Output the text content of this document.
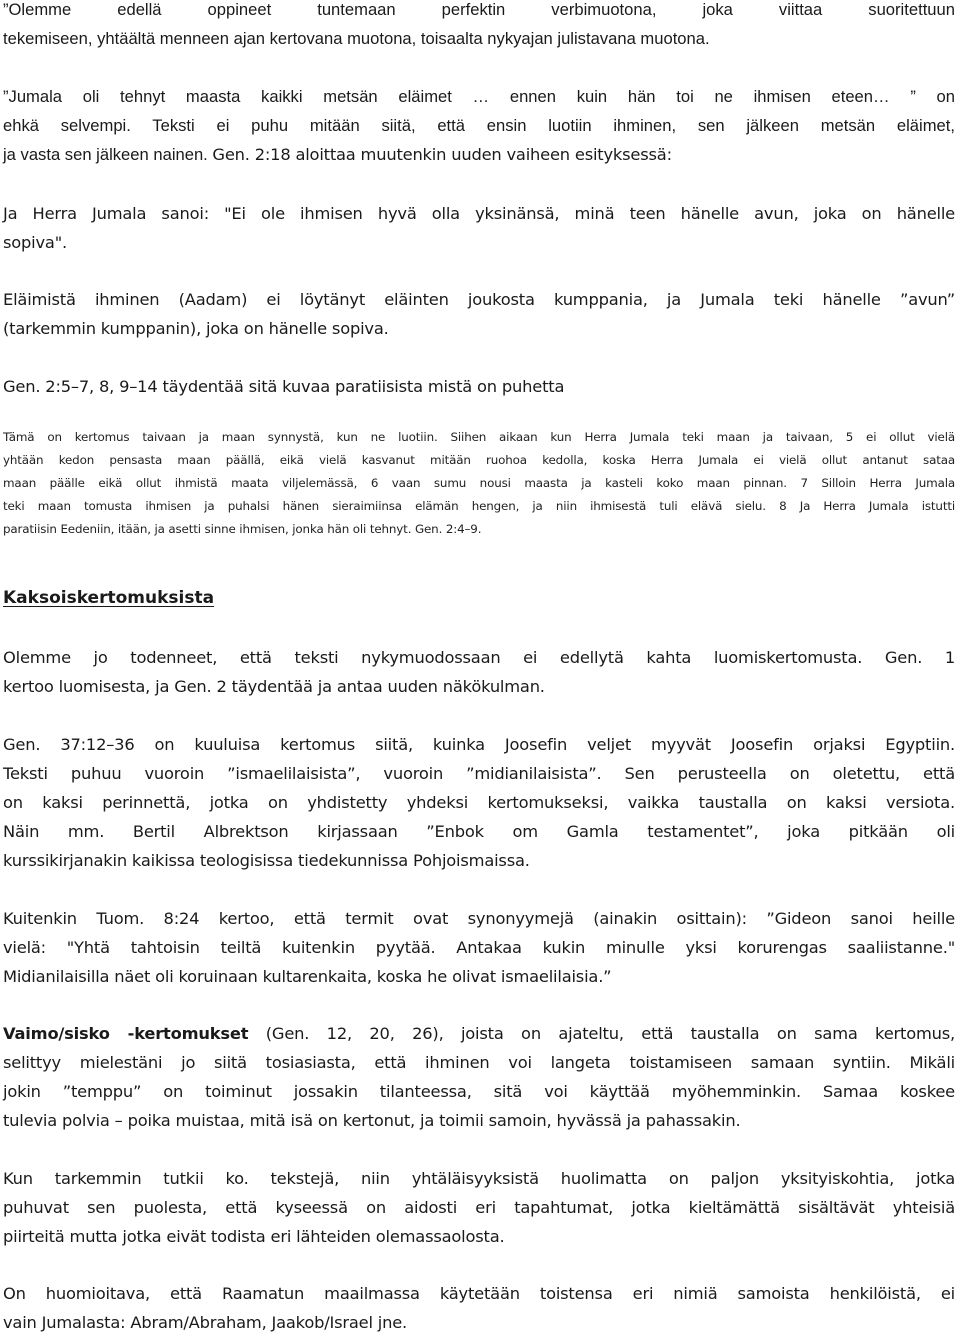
”Olemme edellä oppineet tuntemaan perfektin verbimuotona, joka viittaa suoritettuun
tekemiseen, yhtäältä menneen ajan kertovana muotona, toisaalta nykyajan julistavana muotona.

”Jumala oli tehnyt maasta kaikki metsän eläimet … ennen kuin hän toi ne ihmisen eteen… ” on
ehkä selvempi. Teksti ei puhu mitään siitä, että ensin luotiin ihminen, sen jälkeen metsän eläimet,
ja vasta sen jälkeen nainen. Gen. 2:18 aloittaa muutenkin uuden vaiheen esityksessä:

Ja Herra Jumala sanoi: "Ei ole ihmisen hyvä olla yksinänsä, minä teen hänelle avun, joka on hänelle
sopiva".

Eläimistä ihminen (Aadam) ei löytänyt eläinten joukosta kumppania, ja Jumala teki hänelle ”avun”
(tarkemmin kumppanin), joka on hänelle sopiva.

Gen. 2:5–7, 8, 9–14 täydentää sitä kuvaa paratiisista mistä on puhetta

Tämä on kertomus taivaan ja maan synnystä, kun ne luotiin. Siihen aikaan kun Herra Jumala teki maan ja taivaan, 5 ei ollut vielä
yhtään kedon pensasta maan päällä, eikä vielä kasvanut mitään ruohoa kedolla, koska Herra Jumala ei vielä ollut antanut sataa
maan päälle eikä ollut ihmistä maata viljelemässä, 6 vaan sumu nousi maasta ja kasteli koko maan pinnan. 7 Silloin Herra Jumala
teki maan tomusta ihmisen ja puhalsi hänen sieraimiinsa elämän hengen, ja niin ihmisestä tuli elävä sielu. 8 Ja Herra Jumala istutti
paratiisin Eedeniin, itään, ja asetti sinne ihmisen, jonka hän oli tehnyt. Gen. 2:4–9.

Kaksoiskertomuksista

Olemme jo todenneet, että teksti nykymuodossaan ei edellytä kahta luomiskertomusta. Gen. 1
kertoo luomisesta, ja Gen. 2 täydentää ja antaa uuden näkökulman.

Gen. 37:12–36 on kuuluisa kertomus siitä, kuinka Joosefin veljet myyvät Joosefin orjaksi Egyptiin.
Teksti puhuu vuoroin ”ismaelilaisista”, vuoroin ”midianilaisista”. Sen perusteella on oletettu, että
on kaksi perinnettä, jotka on yhdistetty yhdeksi kertomukseksi, vaikka taustalla on kaksi versiota.
Näin mm. Bertil Albrektson kirjassaan ”Enbok om Gamla testamentet”, joka pitkään oli
kurssikirjanakin kaikissa teologisissa tiedekunnissa Pohjoismaissa.

Kuitenkin Tuom. 8:24 kertoo, että termit ovat synonyymejä (ainakin osittain): ”Gideon sanoi heille
vielä: "Yhtä tahtoisin teiltä kuitenkin pyytää. Antakaa kukin minulle yksi korurengas saaliistanne."
Midianilaisilla näet oli koruinaan kultarenkaita, koska he olivat ismaelilaisia.”

Vaimo/sisko -kertomukset (Gen. 12, 20, 26), joista on ajateltu, että taustalla on sama kertomus,
selittyy mielestäni jo siitä tosiasiasta, että ihminen voi langeta toistamiseen samaan syntiin. Mikäli
jokin ”temppu” on toiminut jossakin tilanteessa, sitä voi käyttää myöhemminkin. Samaa koskee
tulevia polvia – poika muistaa, mitä isä on kertonut, ja toimii samoin, hyvässä ja pahassakin.

Kun tarkemmin tutkii ko. tekstejä, niin yhtäläisyyksistä huolimatta on paljon yksityiskohtia, jotka
puhuvat sen puolesta, että kyseessä on aidosti eri tapahtumat, jotka kieltämättä sisältävät yhteisiä
piirteitä mutta jotka eivät todista eri lähteiden olemassaolosta.

On huomioitava, että Raamatun maailmassa käytetään toistensa eri nimiä samoista henkilöistä, ei
vain Jumalasta: Abram/Abraham, Jaakob/Israel jne.
